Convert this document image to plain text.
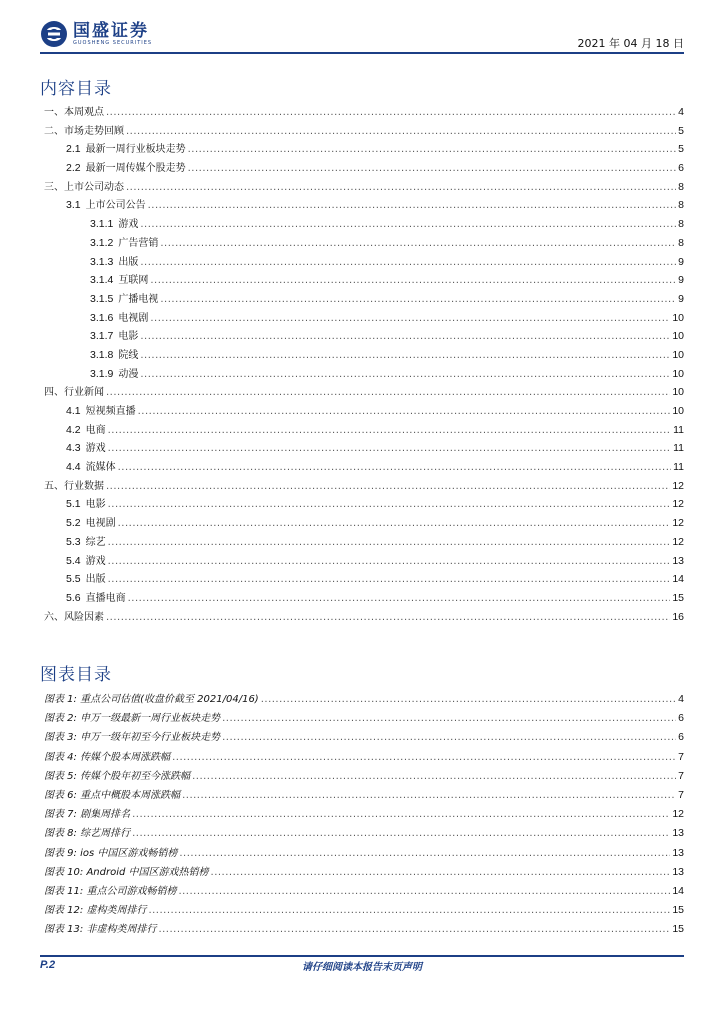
国盛证券
GUOSHENG SECURITIES	2021 年 04 月 18 日
内容目录
一、本周观点 .....	4
二、市场走势回顾 .....	5
2.1 最新一周行业板块走势 .....	5
2.2 最新一周传媒个股走势 .....	6
三、上市公司动态 .....	8
3.1 上市公司公告 .....	8
3.1.1 游戏 .....	8
3.1.2 广告营销 .....	8
3.1.3 出版 .....	9
3.1.4 互联网 .....	9
3.1.5 广播电视 .....	9
3.1.6 电视剧 .....	10
3.1.7 电影 .....	10
3.1.8 院线 .....	10
3.1.9 动漫 .....	10
四、行业新闻 .....	10
4.1 短视频直播 .....	10
4.2 电商 .....	11
4.3 游戏 .....	11
4.4 流媒体 .....	11
五、行业数据 .....	12
5.1 电影 .....	12
5.2 电视剧 .....	12
5.3 综艺 .....	12
5.4 游戏 .....	13
5.5 出版 .....	14
5.6 直播电商 .....	15
六、风险因素 .....	16
图表目录
图表 1: 重点公司估值(收盘价截至 2021/04/16) .....	4
图表 2: 申万一级最新一周行业板块走势 .....	6
图表 3: 申万一级年初至今行业板块走势 .....	6
图表 4: 传媒个股本周涨跌幅 .....	7
图表 5: 传媒个股年初至今涨跌幅 .....	7
图表 6: 重点中概股本周涨跌幅 .....	7
图表 7: 剧集周排名 .....	12
图表 8: 综艺周排行 .....	13
图表 9: ios 中国区游戏畅销榜 .....	13
图表 10: Android 中国区游戏热销榜 .....	13
图表 11: 重点公司游戏畅销榜 .....	14
图表 12: 虚构类周排行 .....	15
图表 13: 非虚构类周排行 .....	15
P.2	请仔细阅读本报告末页声明
